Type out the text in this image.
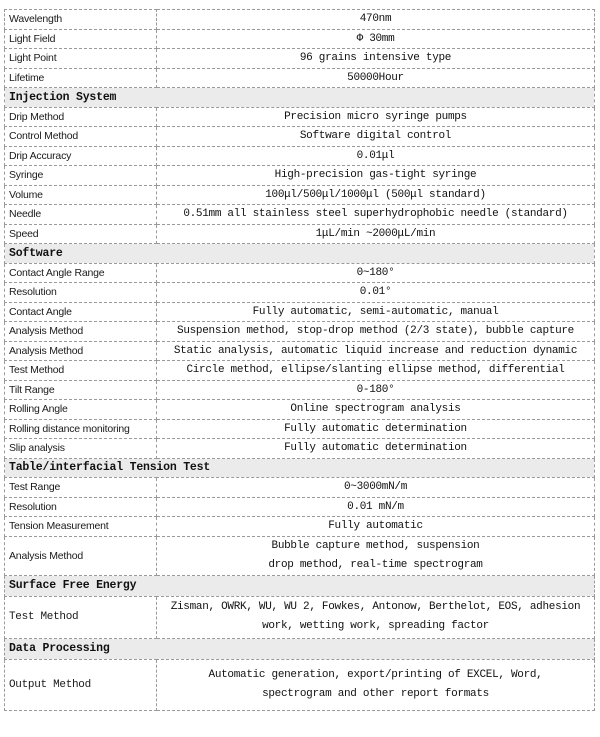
Wavelength	470nm
Light Field	Φ 30mm
Light Point	96 grains intensive type
Lifetime	50000Hour
Injection System	
Drip Method	Precision micro syringe pumps
Control Method	Software digital control
Drip Accuracy	0.01μl
Syringe	High-precision gas-tight syringe
Volume	100μl/500μl/1000μl (500μl standard)
Needle	0.51mm all stainless steel superhydrophobic needle (standard)
Speed	1μL/min ~2000μL/min
Software	
Contact Angle Range	0~180°
Resolution	0.01°
Contact Angle	Fully automatic, semi-automatic, manual
Analysis Method	Suspension method, stop-drop method (2/3 state), bubble capture
Analysis Method	Static analysis, automatic liquid increase and reduction dynamic
Test Method	Circle method, ellipse/slanting ellipse method, differential
Tilt Range	0-180°
Rolling Angle	Online spectrogram analysis
Rolling distance monitoring	Fully automatic determination
Slip analysis	Fully automatic determination
Table/interfacial Tension Test	
Test Range	0~3000mN/m
Resolution	0.01 mN/m
Tension Measurement	Fully automatic
Analysis Method	Bubble capture method, suspension
drop method, real-time spectrogram
Surface Free Energy	
Test Method	Zisman, OWRK, WU, WU 2, Fowkes, Antonow, Berthelot, EOS, adhesion
work, wetting work, spreading factor
Data Processing	
Output Method	Automatic generation, export/printing of EXCEL, Word,
spectrogram and other report formats
